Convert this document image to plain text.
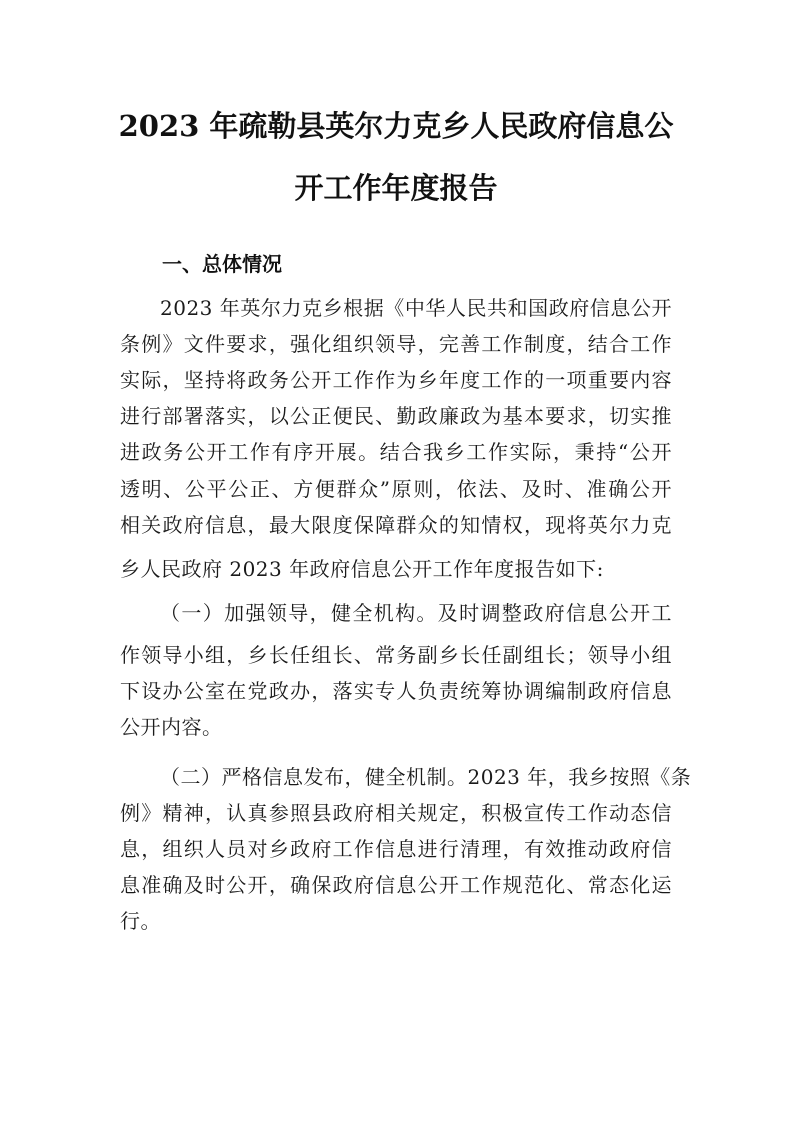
2023 年疏勒县英尔力克乡人民政府信息公
开工作年度报告
一、总体情况
2023 年英尔力克乡根据《中华人民共和国政府信息公开
条例》文件要求，强化组织领导，完善工作制度，结合工作
实际，坚持将政务公开工作作为乡年度工作的一项重要内容
进行部署落实，以公正便民、勤政廉政为基本要求，切实推
进政务公开工作有序开展。结合我乡工作实际，秉持“公开
透明、公平公正、方便群众”原则，依法、及时、准确公开
相关政府信息，最大限度保障群众的知情权，现将英尔力克
乡人民政府 2023 年政府信息公开工作年度报告如下:
（一）加强领导，健全机构。及时调整政府信息公开工
作领导小组，乡长任组长、常务副乡长任副组长；领导小组
下设办公室在党政办，落实专人负责统筹协调编制政府信息
公开内容。
（二）严格信息发布，健全机制。2023 年，我乡按照《条
例》精神，认真参照县政府相关规定，积极宣传工作动态信
息，组织人员对乡政府工作信息进行清理，有效推动政府信
息准确及时公开，确保政府信息公开工作规范化、常态化运
行。
